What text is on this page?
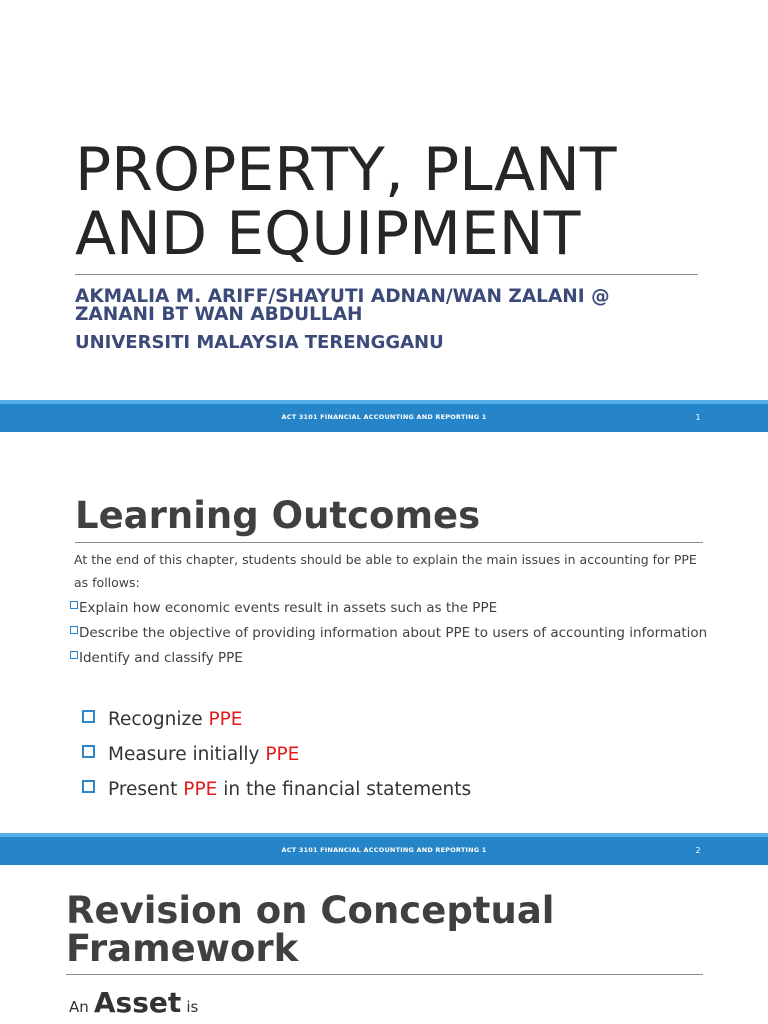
PROPERTY, PLANT
AND EQUIPMENT

AKMALIA M. ARIFF/SHAYUTI ADNAN/WAN ZALANI @ ZANANI BT WAN ABDULLAH

UNIVERSITI MALAYSIA TERENGGANU

ACT 3101 FINANCIAL ACCOUNTING AND REPORTING 1	1
Learning Outcomes

At the end of this chapter, students should be able to explain the main issues in accounting for PPE as follows:

Explain how economic events result in assets such as the PPE
Describe the objective of providing information about PPE to users of accounting information
Identify and classify PPE
Recognize PPE
Measure initially PPE
Present PPE in the financial statements
ACT 3101 FINANCIAL ACCOUNTING AND REPORTING 1	2
Revision on Conceptual
Framework

An Asset is
